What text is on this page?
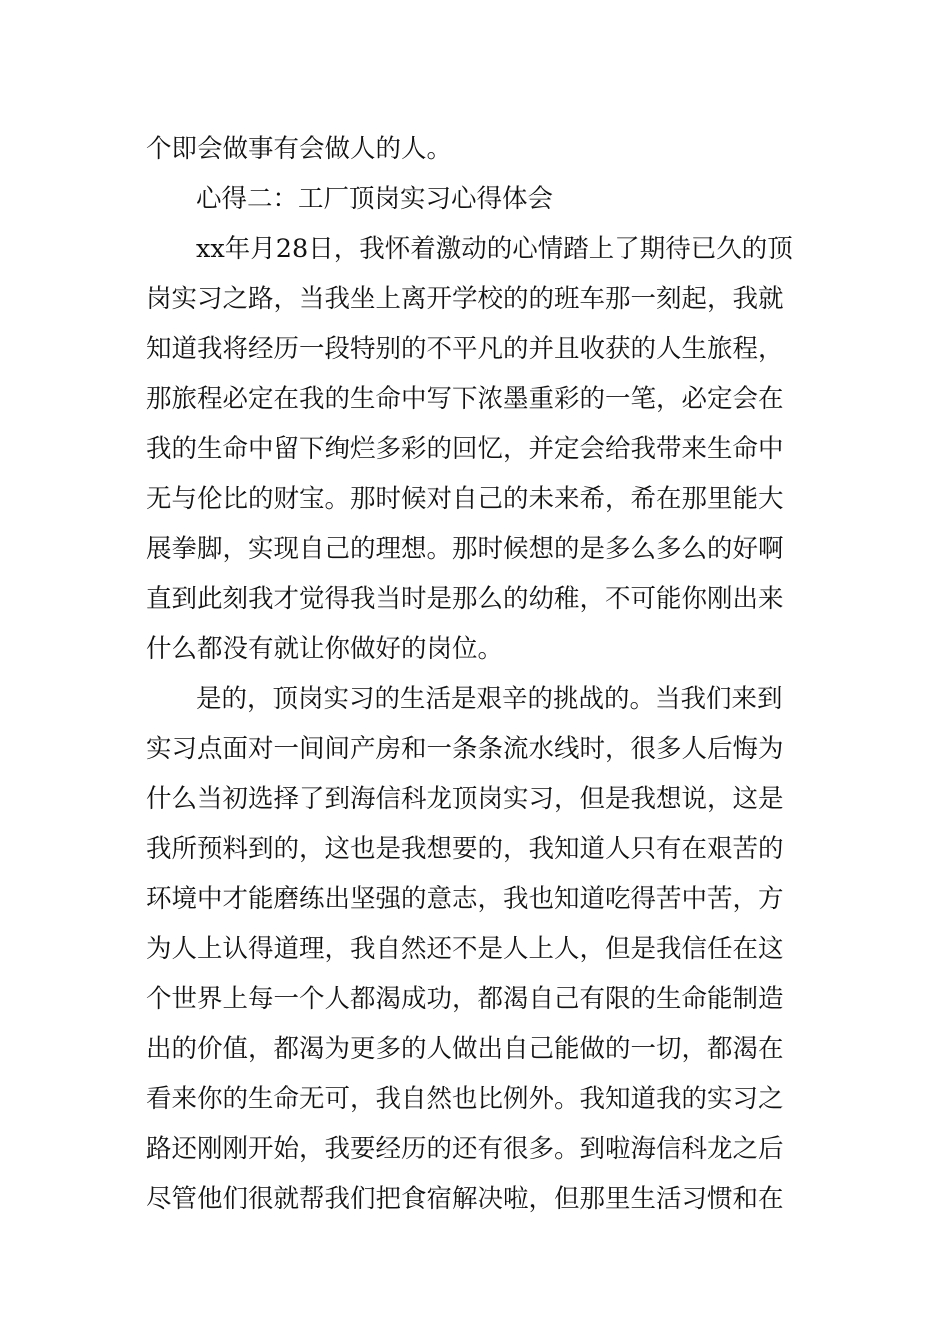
个即会做事有会做人的人。
心得二：工厂顶岗实习心得体会
xx年月28日，我怀着激动的心情踏上了期待已久的顶
岗实习之路，当我坐上离开学校的的班车那一刻起，我就
知道我将经历一段特别的不平凡的并且收获的人生旅程，
那旅程必定在我的生命中写下浓墨重彩的一笔，必定会在
我的生命中留下绚烂多彩的回忆，并定会给我带来生命中
无与伦比的财宝。那时候对自己的未来希，希在那里能大
展拳脚，实现自己的理想。那时候想的是多么多么的好啊
直到此刻我才觉得我当时是那么的幼稚，不可能你刚出来
什么都没有就让你做好的岗位。
是的，顶岗实习的生活是艰辛的挑战的。当我们来到
实习点面对一间间产房和一条条流水线时，很多人后悔为
什么当初选择了到海信科龙顶岗实习，但是我想说，这是
我所预料到的，这也是我想要的，我知道人只有在艰苦的
环境中才能磨练出坚强的意志，我也知道吃得苦中苦，方
为人上认得道理，我自然还不是人上人，但是我信任在这
个世界上每一个人都渴成功，都渴自己有限的生命能制造
出的价值，都渴为更多的人做出自己能做的一切，都渴在
看来你的生命无可，我自然也比例外。我知道我的实习之
路还刚刚开始，我要经历的还有很多。到啦海信科龙之后
尽管他们很就帮我们把食宿解决啦，但那里生活习惯和在
